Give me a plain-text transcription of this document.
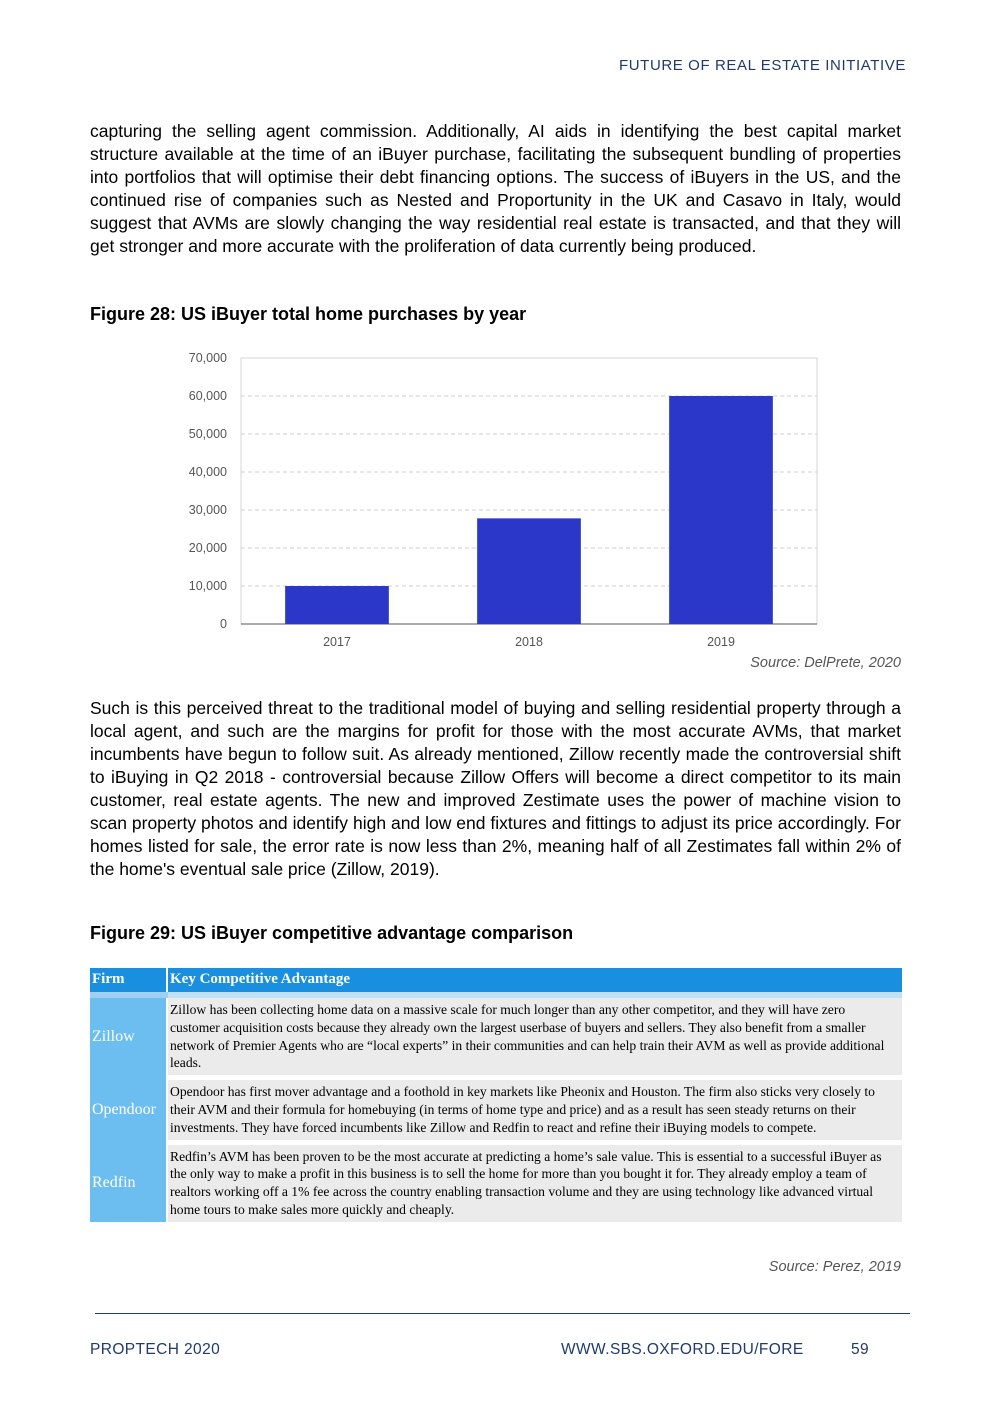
FUTURE OF REAL ESTATE INITIATIVE
capturing the selling agent commission. Additionally, AI aids in identifying the best capital market structure available at the time of an iBuyer purchase, facilitating the subsequent bundling of properties into portfolios that will optimise their debt financing options. The success of iBuyers in the US, and the continued rise of companies such as Nested and Proportunity in the UK and Casavo in Italy, would suggest that AVMs are slowly changing the way residential real estate is transacted, and that they will get stronger and more accurate with the proliferation of data currently being produced.
Figure 28: US iBuyer total home purchases by year
0
10,000
20,000
30,000
40,000
50,000
60,000
70,000
2017	2018	2019
Source: DelPrete, 2020
Such is this perceived threat to the traditional model of buying and selling residential property through a local agent, and such are the margins for profit for those with the most accurate AVMs, that market incumbents have begun to follow suit. As already mentioned, Zillow recently made the controversial shift to iBuying in Q2 2018 - controversial because Zillow Offers will become a direct competitor to its main customer, real estate agents. The new and improved Zestimate uses the power of machine vision to scan property photos and identify high and low end fixtures and fittings to adjust its price accordingly. For homes listed for sale, the error rate is now less than 2%, meaning half of all Zestimates fall within 2% of the home's eventual sale price (Zillow, 2019).
Figure 29: US iBuyer competitive advantage comparison
Firm	Key Competitive Advantage

Zillow	Zillow has been collecting home data on a massive scale for much longer than any other competitor, and they will have zero customer acquisition costs because they already own the largest userbase of buyers and sellers. They also benefit from a smaller network of Premier Agents who are “local experts” in their communities and can help train their AVM as well as provide additional leads.

Opendoor	Opendoor has first mover advantage and a foothold in key markets like Pheonix and Houston. The firm also sticks very closely to their AVM and their formula for homebuying (in terms of home type and price) and as a result has seen steady returns on their investments. They have forced incumbents like Zillow and Redfin to react and refine their iBuying models to compete.

Redfin	Redfin’s AVM has been proven to be the most accurate at predicting a home’s sale value. This is essential to a successful iBuyer as the only way to make a profit in this business is to sell the home for more than you bought it for. They already employ a team of realtors working off a 1% fee across the country enabling transaction volume and they are using technology like advanced virtual home tours to make sales more quickly and cheaply.
Source: Perez, 2019
PROPTECH 2020	WWW.SBS.OXFORD.EDU/FORE	59
